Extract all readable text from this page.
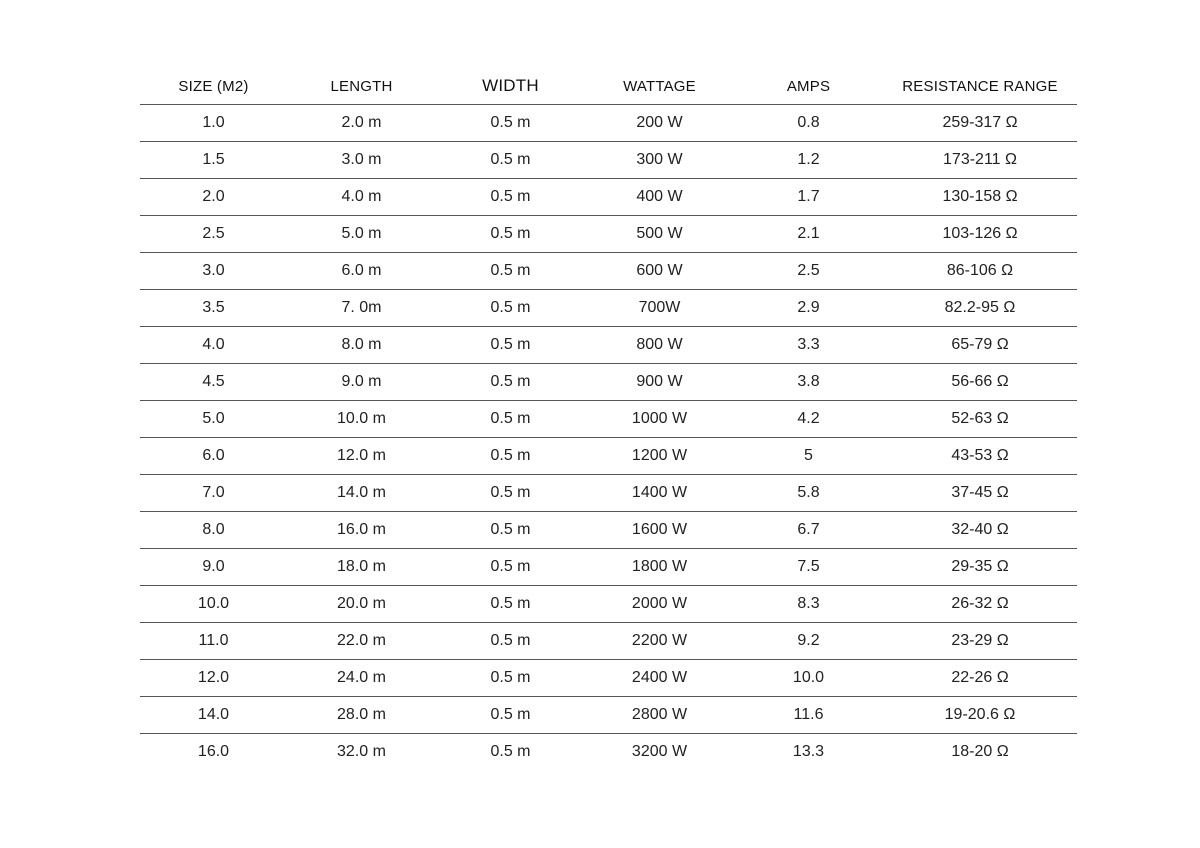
SIZE (M2)	LENGTH	WIDTH	WATTAGE	AMPS	RESISTANCE RANGE
1.0	2.0 m	0.5 m	200 W	0.8	259-317 Ω
1.5	3.0 m	0.5 m	300 W	1.2	173-211 Ω
2.0	4.0 m	0.5 m	400 W	1.7	130-158 Ω
2.5	5.0 m	0.5 m	500 W	2.1	103-126 Ω
3.0	6.0 m	0.5 m	600 W	2.5	86-106 Ω
3.5	7. 0m	0.5 m	700W	2.9	82.2-95 Ω
4.0	8.0 m	0.5 m	800 W	3.3	65-79 Ω
4.5	9.0 m	0.5 m	900 W	3.8	56-66 Ω
5.0	10.0 m	0.5 m	1000 W	4.2	52-63 Ω
6.0	12.0 m	0.5 m	1200 W	5	43-53 Ω
7.0	14.0 m	0.5 m	1400 W	5.8	37-45 Ω
8.0	16.0 m	0.5 m	1600 W	6.7	32-40 Ω
9.0	18.0 m	0.5 m	1800 W	7.5	29-35 Ω
10.0	20.0 m	0.5 m	2000 W	8.3	26-32 Ω
11.0	22.0 m	0.5 m	2200 W	9.2	23-29 Ω
12.0	24.0 m	0.5 m	2400 W	10.0	22-26 Ω
14.0	28.0 m	0.5 m	2800 W	11.6	19-20.6 Ω
16.0	32.0 m	0.5 m	3200 W	13.3	18-20 Ω
